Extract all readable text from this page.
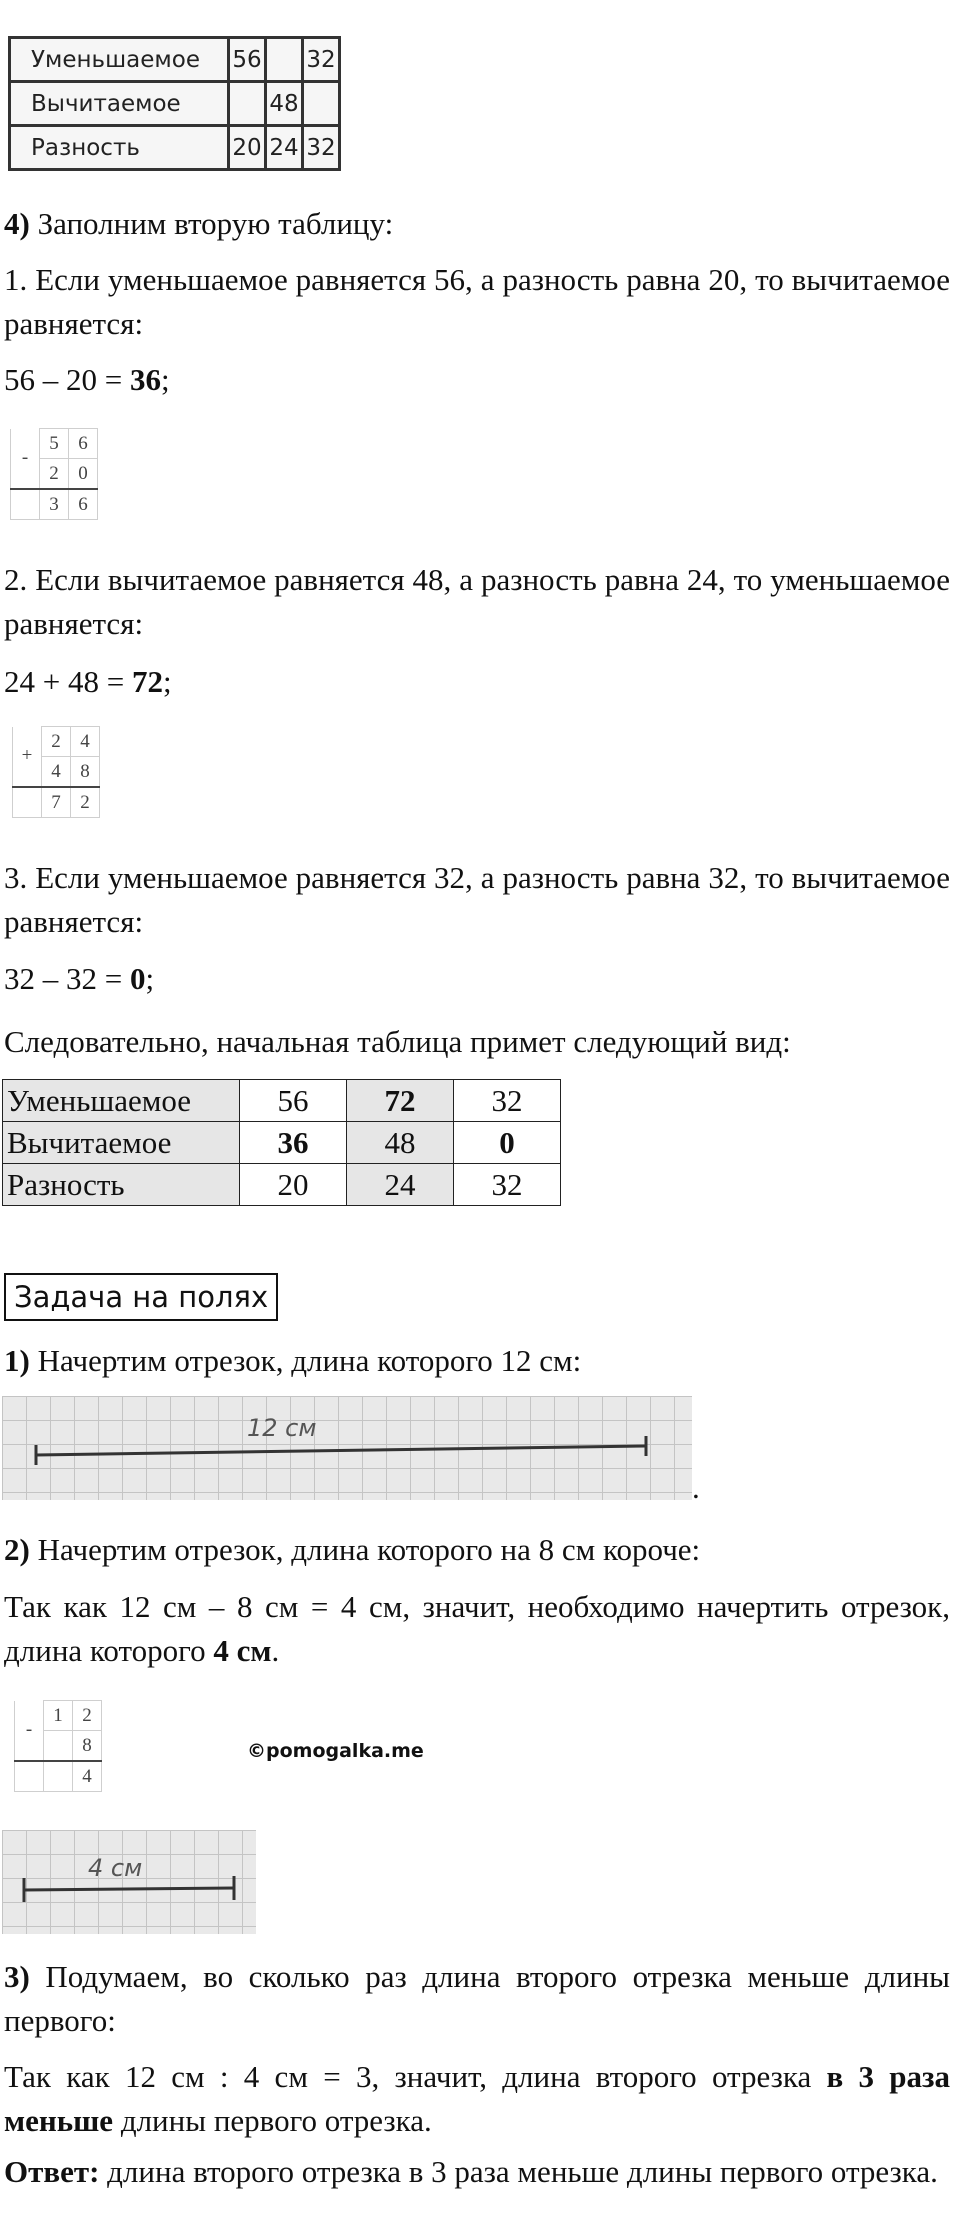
Уменьшаемое	56		32
Вычитаемое		48	
Разность	20	24	32
4) Заполним вторую таблицу:
1. Если уменьшаемое равняется 56, а разность равна 20, то вычитаемое равняется:
56 – 20 = 36;
-	5	6
	2	0
	3	6
2. Если вычитаемое равняется 48, а разность равна 24, то уменьшаемое равняется:
24 + 48 = 72;
+	2	4
	4	8
	7	2
3. Если уменьшаемое равняется 32, а разность равна 32, то вычитаемое равняется:
32 – 32 = 0;
Следовательно, начальная таблица примет следующий вид:
Уменьшаемое	56	72	32
Вычитаемое	36	48	0
Разность	20	24	32
Задача на полях
1) Начертим отрезок, длина которого 12 см:
12 см
.
2) Начертим отрезок, длина которого на 8 см короче:
Так как 12 см – 8 см = 4 см, значит, необходимо начертить отрезок, длина которого 4 см.
-	1	2
		8
		4
©pomogalka.me
4 см
3) Подумаем, во сколько раз длина второго отрезка меньше длины первого:
Так как 12 см : 4 см = 3, значит, длина второго отрезка в 3 раза меньше длины первого отрезка.
Ответ: длина второго отрезка в 3 раза меньше длины первого отрезка.
